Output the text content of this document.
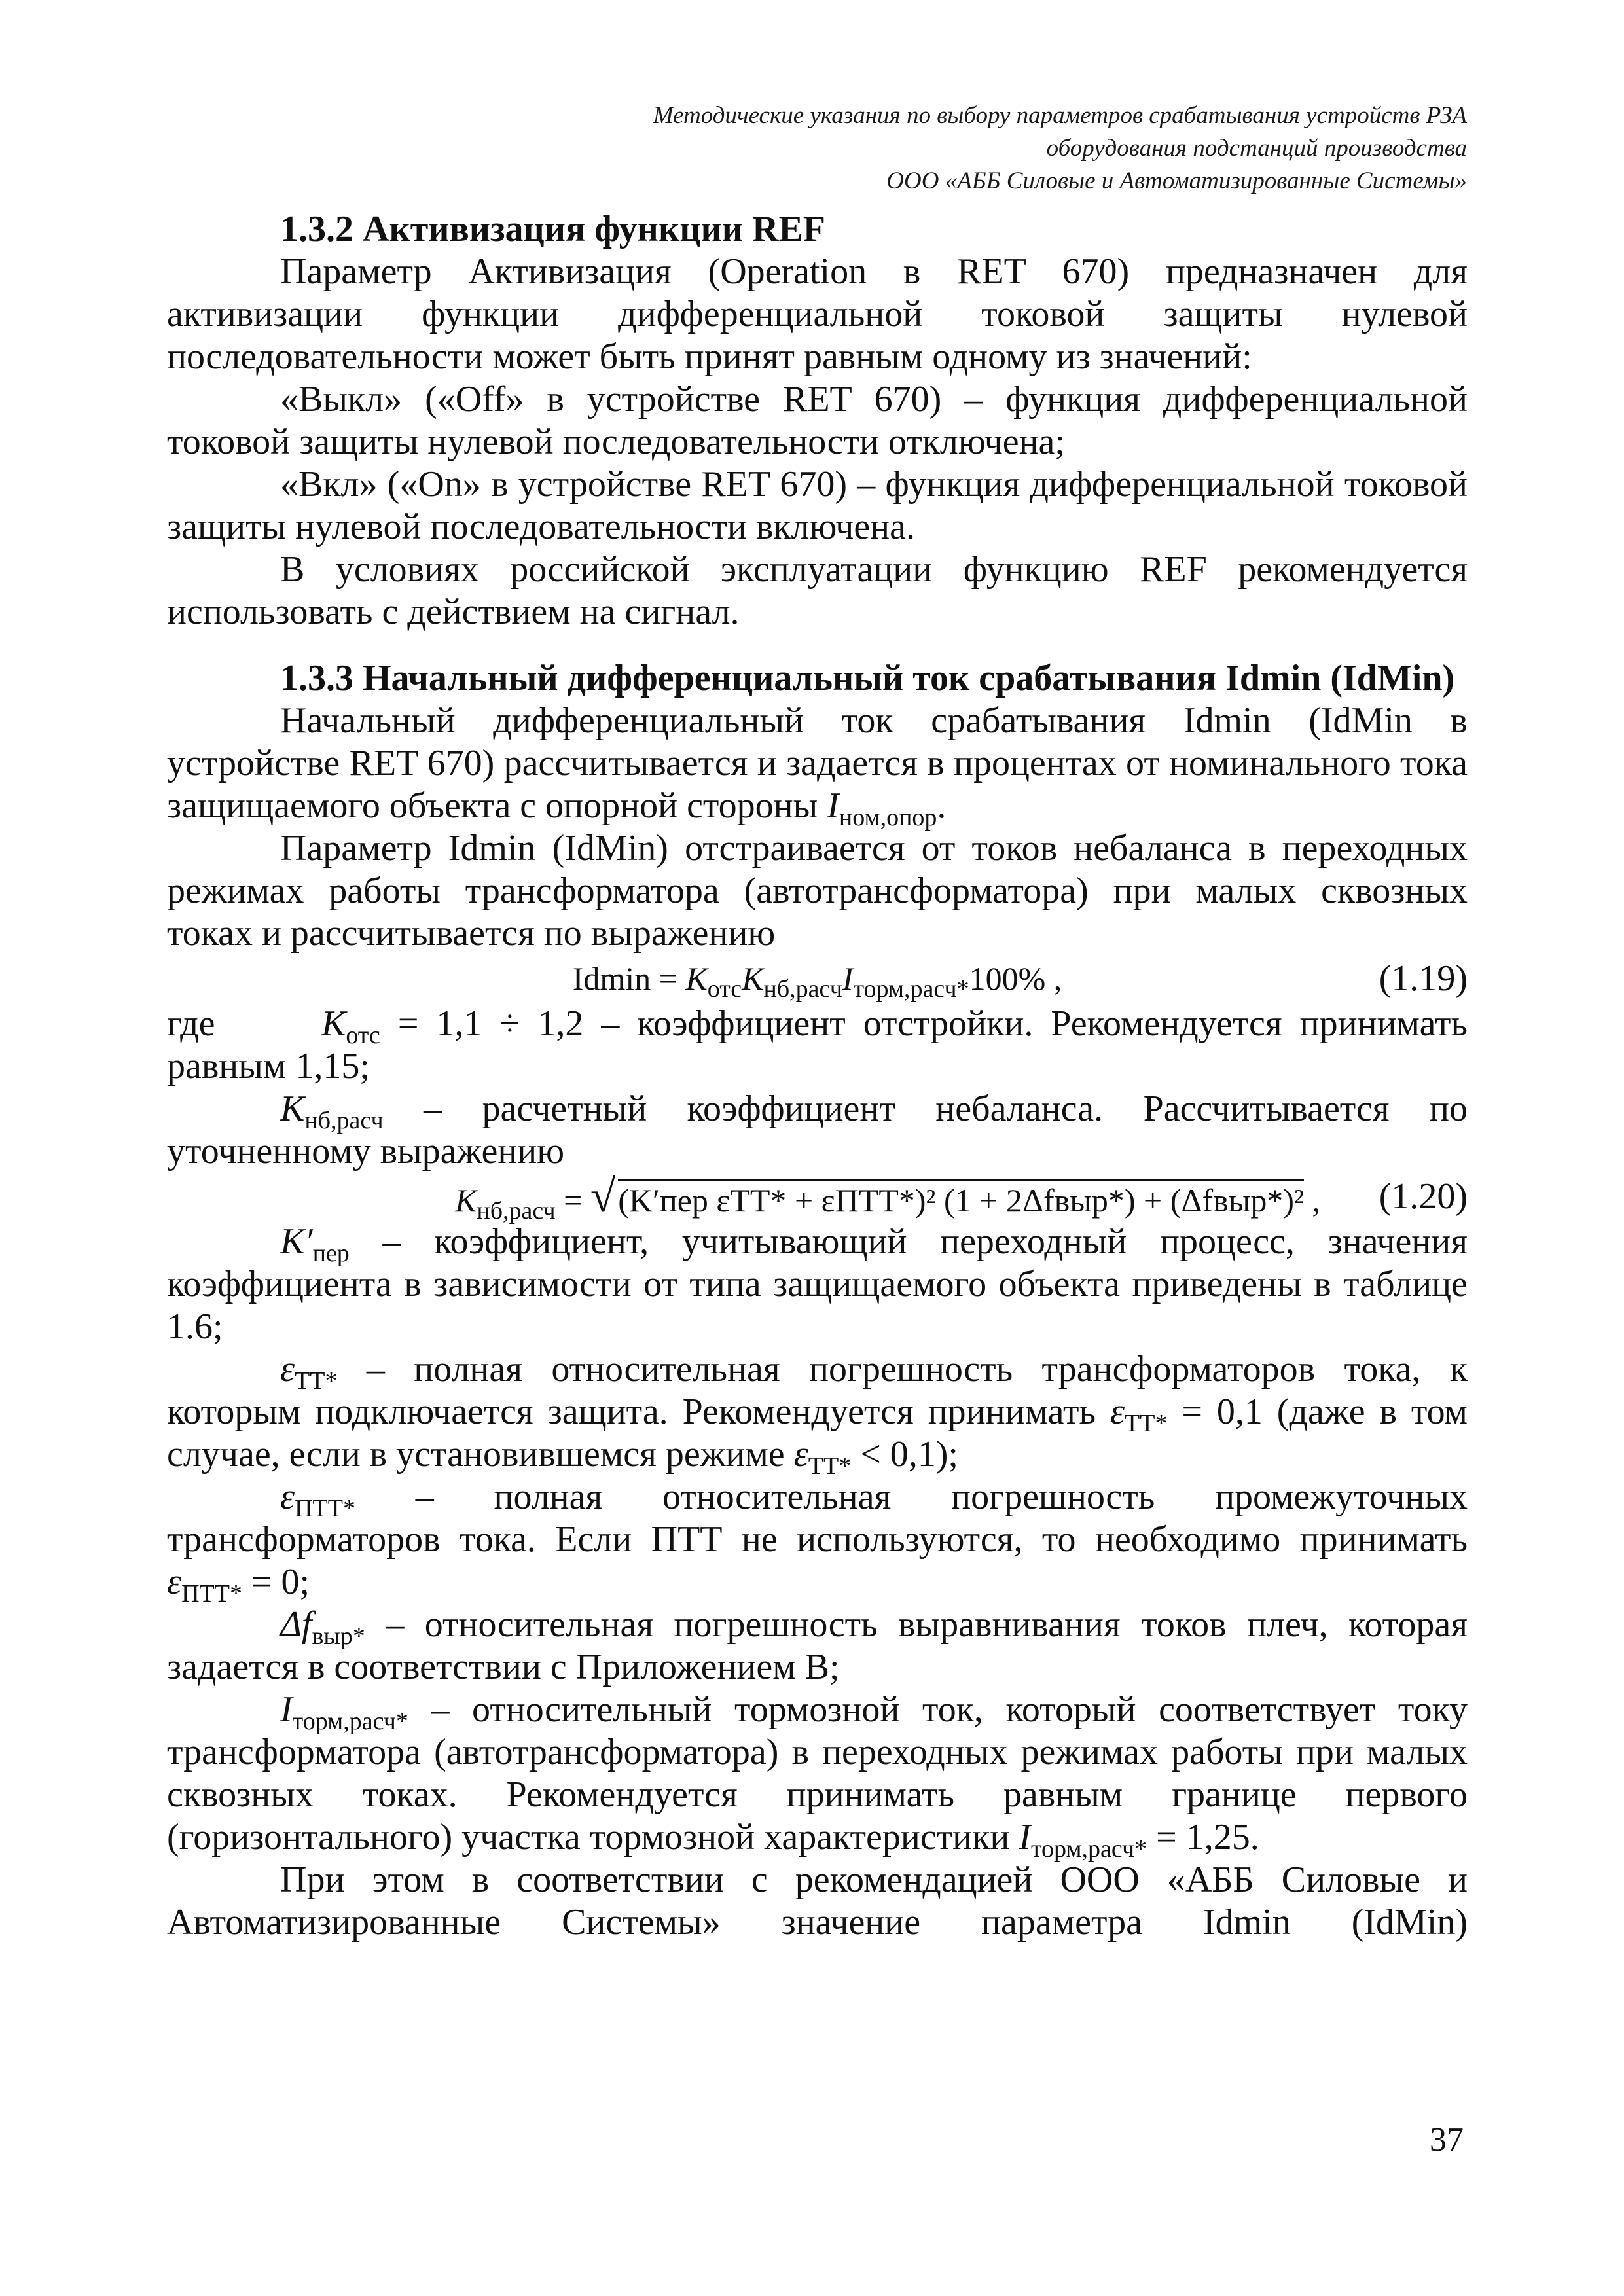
Методические указания по выбору параметров срабатывания устройств РЗА
оборудования подстанций производства
ООО «АББ Силовые и Автоматизированные Системы»

1.3.2 Активизация функции REF

Параметр Активизация (Operation в RET 670) предназначен для активизации функции дифференциальной токовой защиты нулевой последовательности может быть принят равным одному из значений:

«Выкл» («Off» в устройстве RET 670) – функция дифференциальной токовой защиты нулевой последовательности отключена;

«Вкл» («On» в устройстве RET 670) – функция дифференциальной токовой защиты нулевой последовательности включена.

В условиях российской эксплуатации функцию REF рекомендуется использовать с действием на сигнал.

1.3.3 Начальный дифференциальный ток срабатывания Idmin (IdMin)

Начальный дифференциальный ток срабатывания Idmin (IdMin в устройстве RET 670) рассчитывается и задается в процентах от номинального тока защищаемого объекта с опорной стороны $I_{ном,опор}$.

Параметр Idmin (IdMin) отстраивается от токов небаланса в переходных режимах работы трансформатора (автотрансформатора) при малых сквозных токах и рассчитывается по выражению

$Idmin = K_{отс}K_{нб,расч}I_{торм,расч*}100\%$ ,	(1.19)

где	$K_{отс} = 1,1 \div 1,2$ – коэффициент отстройки. Рекомендуется принимать равным 1,15;

$K_{нб,расч}$ – расчетный коэффициент небаланса. Рассчитывается по уточненному выражению

$K_{нб,расч} = √(K'пер$ εТТ* + εПТТ*)² (1 + 2Δfвыр*) + (Δfвыр*)² , (1.20)

$K'_{пер}$ – коэффициент, учитывающий переходный процесс, значения коэффициента в зависимости от типа защищаемого объекта приведены в таблице 1.6;

$\varepsilon_{ТТ*}$ – полная относительная погрешность трансформаторов тока, к которым подключается защита. Рекомендуется принимать $\varepsilon_{ТТ*} = 0,1$ (даже в том случае, если в установившемся режиме $\varepsilon_{ТТ*} < 0,1$);

$\varepsilon_{ПТТ*}$ – полная относительная погрешность промежуточных трансформаторов тока. Если ПТТ не используются, то необходимо принимать $\varepsilon_{ПТТ*} = 0$;

$\Delta f_{выр*}$ – относительная погрешность выравнивания токов плеч, которая задается в соответствии с Приложением В;

$I_{торм,расч*}$ – относительный тормозной ток, который соответствует току трансформатора (автотрансформатора) в переходных режимах работы при малых сквозных токах. Рекомендуется принимать равным границе первого (горизонтального) участка тормозной характеристики $I_{торм,расч*} = 1,25$.

При этом в соответствии с рекомендацией ООО «АББ Силовые и Автоматизированные Системы» значение параметра Idmin (IdMin)

37
